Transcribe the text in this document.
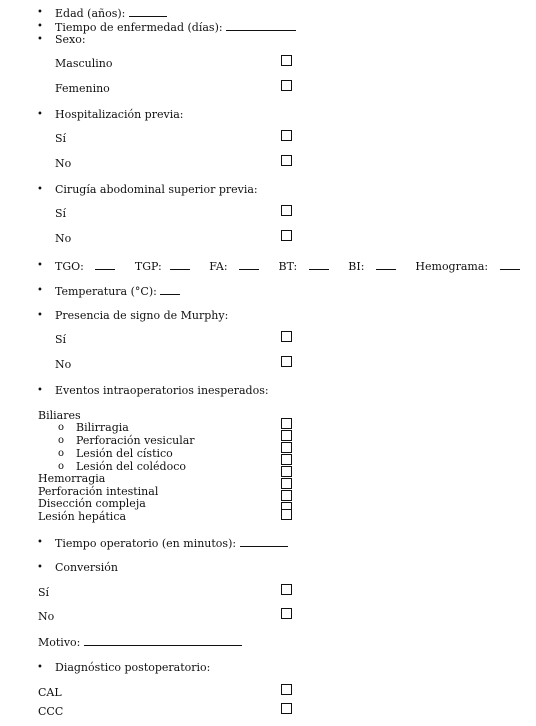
• Edad (años):
• Tiempo de enfermedad (días):
• Sexo:
Masculino
Femenino
• Hospitalización previa:
Sí
No
• Cirugía abodominal superior previa:
Sí
No
• TGO:	TGP:	FA:	BT:	BI:	Hemograma:
• Temperatura (°C):
• Presencia de signo de Murphy:
Sí
No
• Eventos intraoperatorios inesperados:
Biliares
o Bilirragia
o Perforación vesicular
o Lesión del cístico
o Lesión del colédoco
Hemorragia
Perforación intestinal
Disección compleja
Lesión hepática
• Tiempo operatorio (en minutos):
• Conversión
Sí
No
Motivo:
• Diagnóstico postoperatorio:
CAL
CCC
